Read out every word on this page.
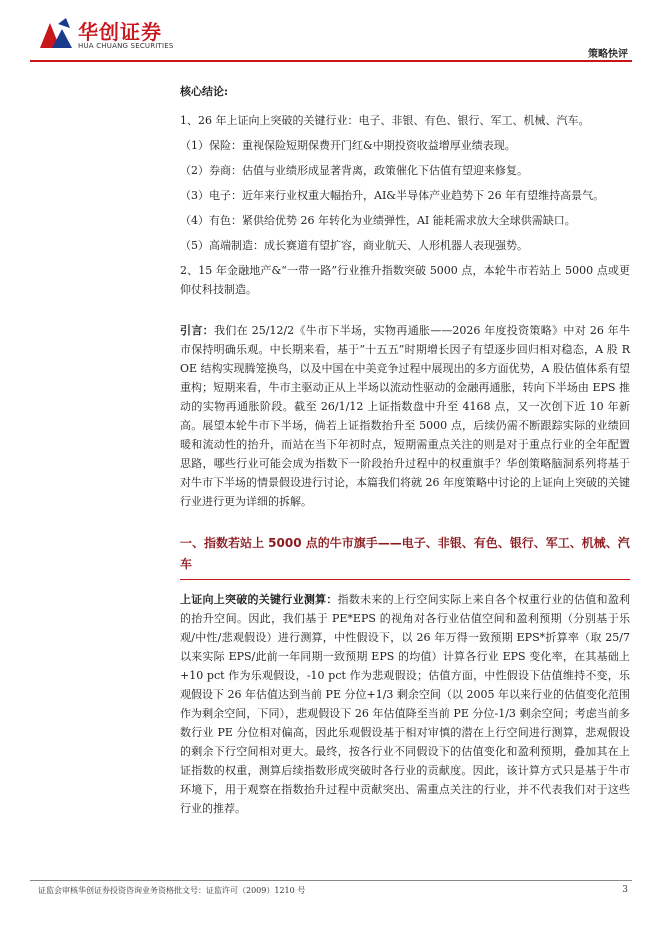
华创证券
HUA CHUANG SECURITIES
策略快评

核心结论:

1、26 年上证向上突破的关键行业：电子、非银、有色、银行、军工、机械、汽车。

（1）保险：重视保险短期保费开门红&中期投资收益增厚业绩表现。

（2）券商：估值与业绩形成显著背离，政策催化下估值有望迎来修复。

（3）电子：近年来行业权重大幅抬升，AI&半导体产业趋势下 26 年有望维持高景气。

（4）有色：紧供给优势 26 年转化为业绩弹性，AI 能耗需求放大全球供需缺口。

（5）高端制造：成长赛道有望扩容，商业航天、人形机器人表现强势。

2、15 年金融地产&“一带一路”行业推升指数突破 5000 点，本轮牛市若站上 5000 点或更仰仗科技制造。

引言：我们在 25/12/2《牛市下半场，实物再通胀——2026 年度投资策略》中对 26 年牛市保持明确乐观。中长期来看，基于“十五五”时期增长因子有望逐步回归相对稳态，A 股 ROE 结构实现腾笼换鸟，以及中国在中美竞争过程中展现出的多方面优势，A 股估值体系有望重构；短期来看，牛市主驱动正从上半场以流动性驱动的金融再通胀，转向下半场由 EPS 推动的实物再通胀阶段。截至 26/1/12 上证指数盘中升至 4168 点，又一次创下近 10 年新高。展望本轮牛市下半场，倘若上证指数抬升至 5000 点，后续仍需不断跟踪实际的业绩回暖和流动性的抬升，而站在当下年初时点，短期需重点关注的则是对于重点行业的全年配置思路，哪些行业可能会成为指数下一阶段抬升过程中的权重旗手？华创策略脑洞系列将基于对牛市下半场的情景假设进行讨论，本篇我们将就 26 年度策略中讨论的上证向上突破的关键行业进行更为详细的拆解。

一、指数若站上 5000 点的牛市旗手——电子、非银、有色、银行、军工、机械、汽车

上证向上突破的关键行业测算：指数未来的上行空间实际上来自各个权重行业的估值和盈利的抬升空间。因此，我们基于 PE*EPS 的视角对各行业估值空间和盈利预期（分别基于乐观/中性/悲观假设）进行测算，中性假设下，以 26 年万得一致预期 EPS*折算率（取 25/7 以来实际 EPS/此前一年同期一致预期 EPS 的均值）计算各行业 EPS 变化率，在其基础上+10 pct 作为乐观假设，-10 pct 作为悲观假设；估值方面，中性假设下估值维持不变，乐观假设下 26 年估值达到当前 PE 分位+1/3 剩余空间（以 2005 年以来行业的估值变化范围作为剩余空间，下同），悲观假设下 26 年估值降至当前 PE 分位-1/3 剩余空间；考虑当前多数行业 PE 分位相对偏高，因此乐观假设基于相对审慎的潜在上行空间进行测算，悲观假设的剩余下行空间相对更大。最终，按各行业不同假设下的估值变化和盈利预期，叠加其在上证指数的权重，测算后续指数形成突破时各行业的贡献度。因此，该计算方式只是基于牛市环境下，用于观察在指数抬升过程中贡献突出、需重点关注的行业，并不代表我们对于这些行业的推荐。

证监会审核华创证券投资咨询业务资格批文号：证监许可（2009）1210 号	3
